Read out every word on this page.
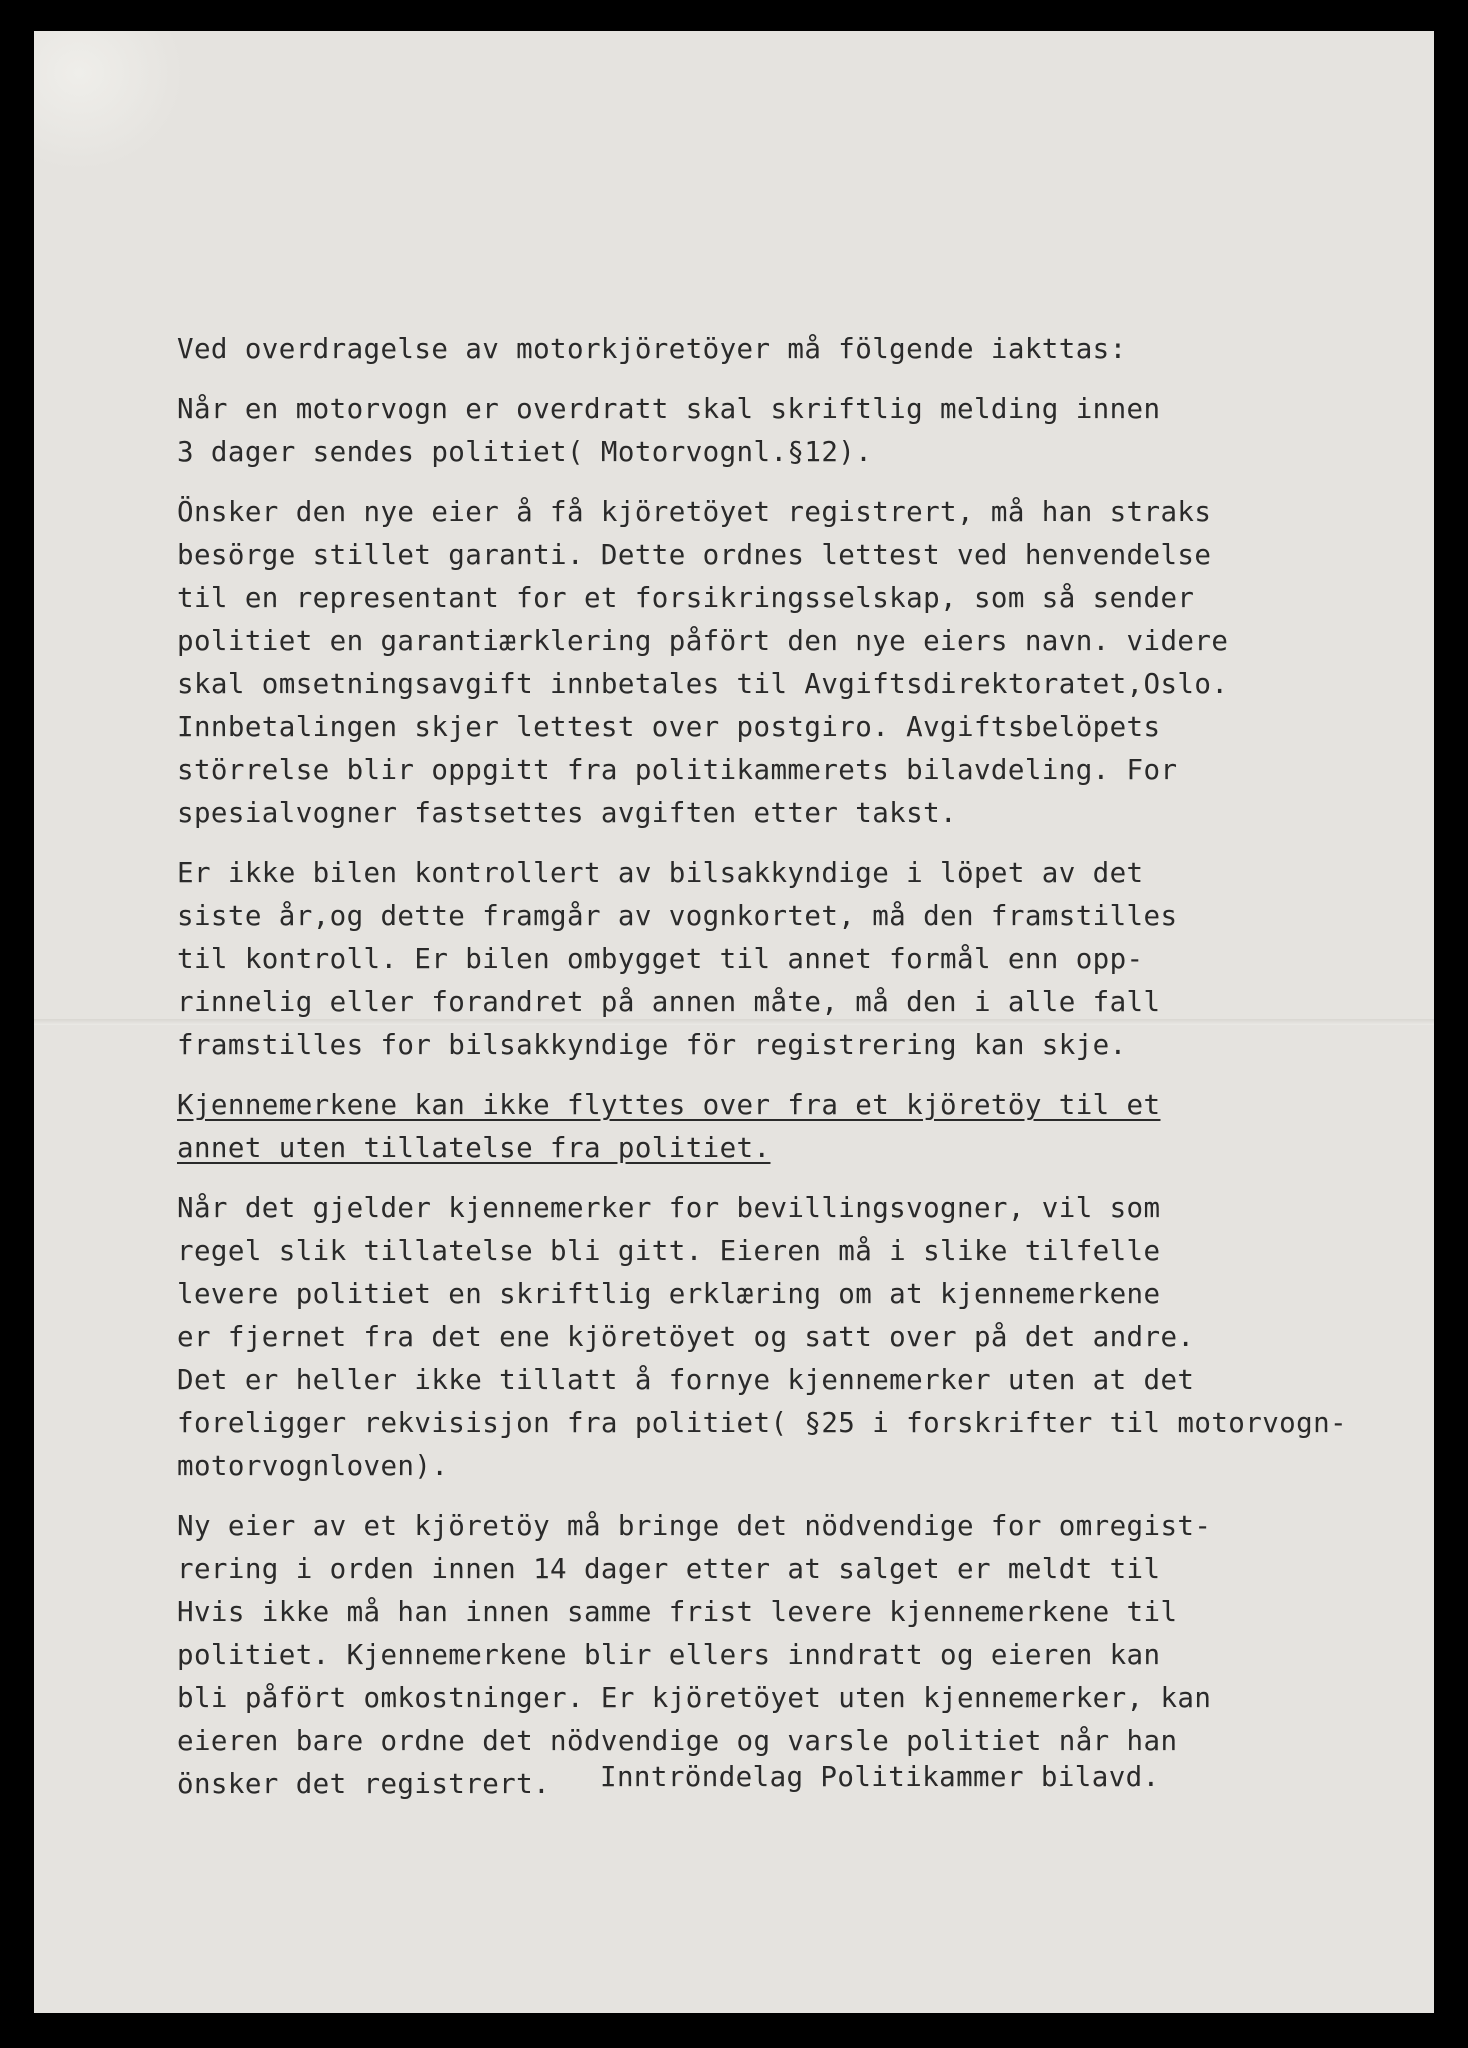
Ved overdragelse av motorkjöretöyer må fölgende iakttas:

Når en motorvogn er overdratt skal skriftlig melding innen
3 dager sendes politiet( Motorvognl.§12).

Önsker den nye eier å få kjöretöyet registrert, må han straks
besörge stillet garanti. Dette ordnes lettest ved henvendelse
til en representant for et forsikringsselskap, som så sender
politiet en garantiærklering påfört den nye eiers navn. videre
skal omsetningsavgift innbetales til Avgiftsdirektoratet,Oslo.
Innbetalingen skjer lettest over postgiro. Avgiftsbelöpets
störrelse blir oppgitt fra politikammerets bilavdeling. For
spesialvogner fastsettes avgiften etter takst.

Er ikke bilen kontrollert av bilsakkyndige i löpet av det
siste år,og dette framgår av vognkortet, må den framstilles
til kontroll. Er bilen ombygget til annet formål enn opp-
rinnelig eller forandret på annen måte, må den i alle fall
framstilles for bilsakkyndige för registrering kan skje.

Kjennemerkene kan ikke flyttes over fra et kjöretöy til et
annet uten tillatelse fra politiet.

Når det gjelder kjennemerker for bevillingsvogner, vil som
regel slik tillatelse bli gitt. Eieren må i slike tilfelle
levere politiet en skriftlig erklæring om at kjennemerkene
er fjernet fra det ene kjöretöyet og satt over på det andre.
Det er heller ikke tillatt å fornye kjennemerker uten at det
foreligger rekvisisjon fra politiet( §25 i forskrifter til motorvogn-
motorvognloven).

Ny eier av et kjöretöy må bringe det nödvendige for omregist-
rering i orden innen 14 dager etter at salget er meldt til
Hvis ikke må han innen samme frist levere kjennemerkene til
politiet. Kjennemerkene blir ellers inndratt og eieren kan
bli påfört omkostninger. Er kjöretöyet uten kjennemerker, kan
eieren bare ordne det nödvendige og varsle politiet når han
önsker det registrert.	Inntröndelag Politikammer bilavd.
